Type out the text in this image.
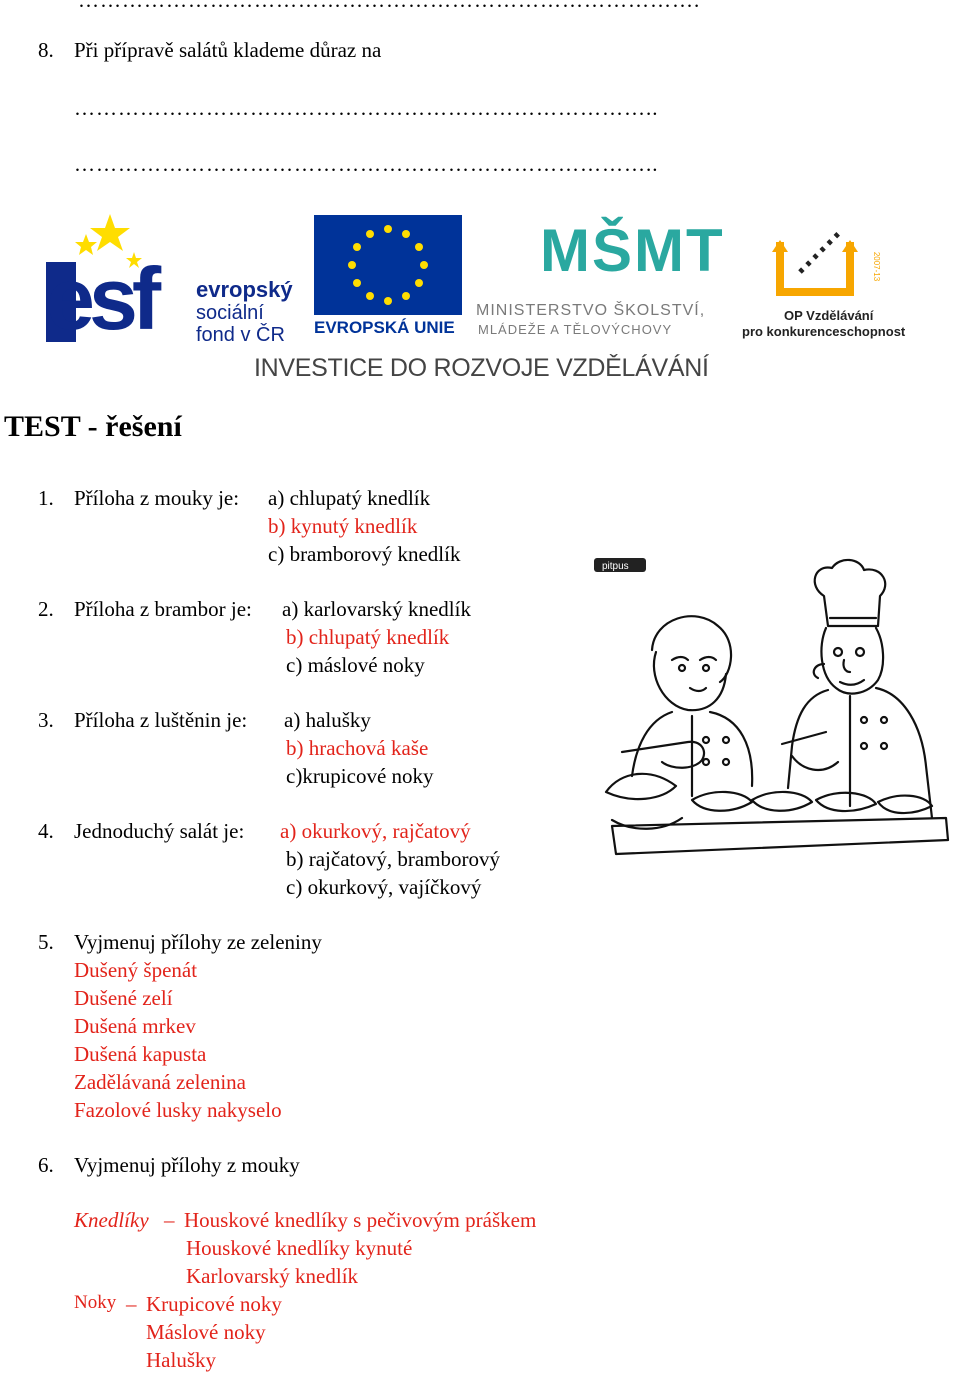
………………………………………………………………………….
8. Při přípravě salátů klademe důraz na
……………………………………………………………………..
……………………………………………………………………..
esf evropský
sociální
fond v ČR EVROPSKÁ UNIE
MŠMT
MINISTERSTVO ŠKOLSTVÍ,
MLÁDEŽE A TĚLOVÝCHOVY
2007-13
OP Vzdělávání
pro konkurenceschopnost
INVESTICE DO ROZVOJE VZDĚLÁVÁNÍ
TEST - řešení
1. Příloha z mouky je: a) chlupatý knedlík
b) kynutý knedlík
c) bramborový knedlík
2. Příloha z brambor je: a) karlovarský knedlík
b) chlupatý knedlík
c) máslové noky
3. Příloha z luštěnin je: a) halušky
b) hrachová kaše
c)krupicové noky
4. Jednoduchý salát je: a) okurkový, rajčatový
b) rajčatový, bramborový
c) okurkový, vajíčkový
pitpus
5. Vyjmenuj přílohy ze zeleniny
Dušený špenát
Dušené zelí
Dušená mrkev
Dušená kapusta
Zadělávaná zelenina
Fazolové lusky nakyselo
6. Vyjmenuj přílohy z mouky
Knedlíky – Houskové knedlíky s pečivovým práškem
Houskové knedlíky kynuté
Karlovarský knedlík
Noky – Krupicové noky
Máslové noky
Halušky
